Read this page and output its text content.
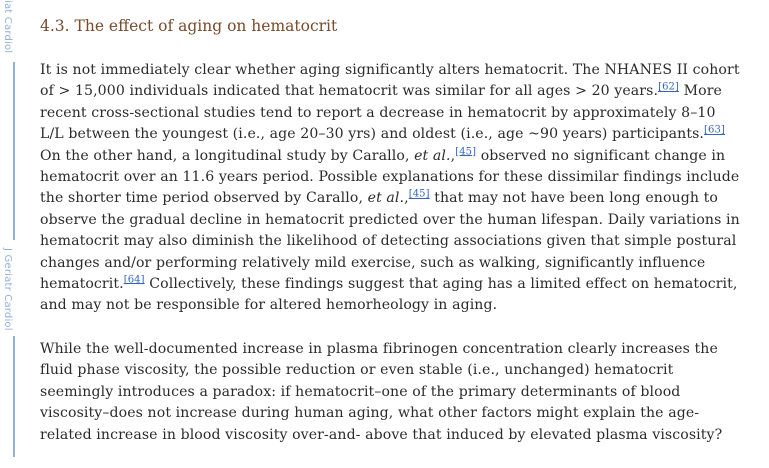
iat Cardiol
J Geriatr Cardiol
4.3. The effect of aging on hematocrit

It is not immediately clear whether aging significantly alters hematocrit. The NHANES II cohort of > 15,000 individuals indicated that hematocrit was similar for all ages > 20 years.[62] More recent cross-sectional studies tend to report a decrease in hematocrit by approximately 8–10 L/L between the youngest (i.e., age 20–30 yrs) and oldest (i.e., age ~90 years) participants.[63] On the other hand, a longitudinal study by Carallo, et al.,[45] observed no significant change in hematocrit over an 11.6 years period. Possible explanations for these dissimilar findings include the shorter time period observed by Carallo, et al.,[45] that may not have been long enough to observe the gradual decline in hematocrit predicted over the human lifespan. Daily variations in hematocrit may also diminish the likelihood of detecting associations given that simple postural changes and/or performing relatively mild exercise, such as walking, significantly influence hematocrit.[64] Collectively, these findings suggest that aging has a limited effect on hematocrit, and may not be responsible for altered hemorheology in aging.

While the well-documented increase in plasma fibrinogen concentration clearly increases the fluid phase viscosity, the possible reduction or even stable (i.e., unchanged) hematocrit seemingly introduces a paradox: if hematocrit–one of the primary determinants of blood viscosity–does not increase during human aging, what other factors might explain the age-related increase in blood viscosity over-and- above that induced by elevated plasma viscosity?
